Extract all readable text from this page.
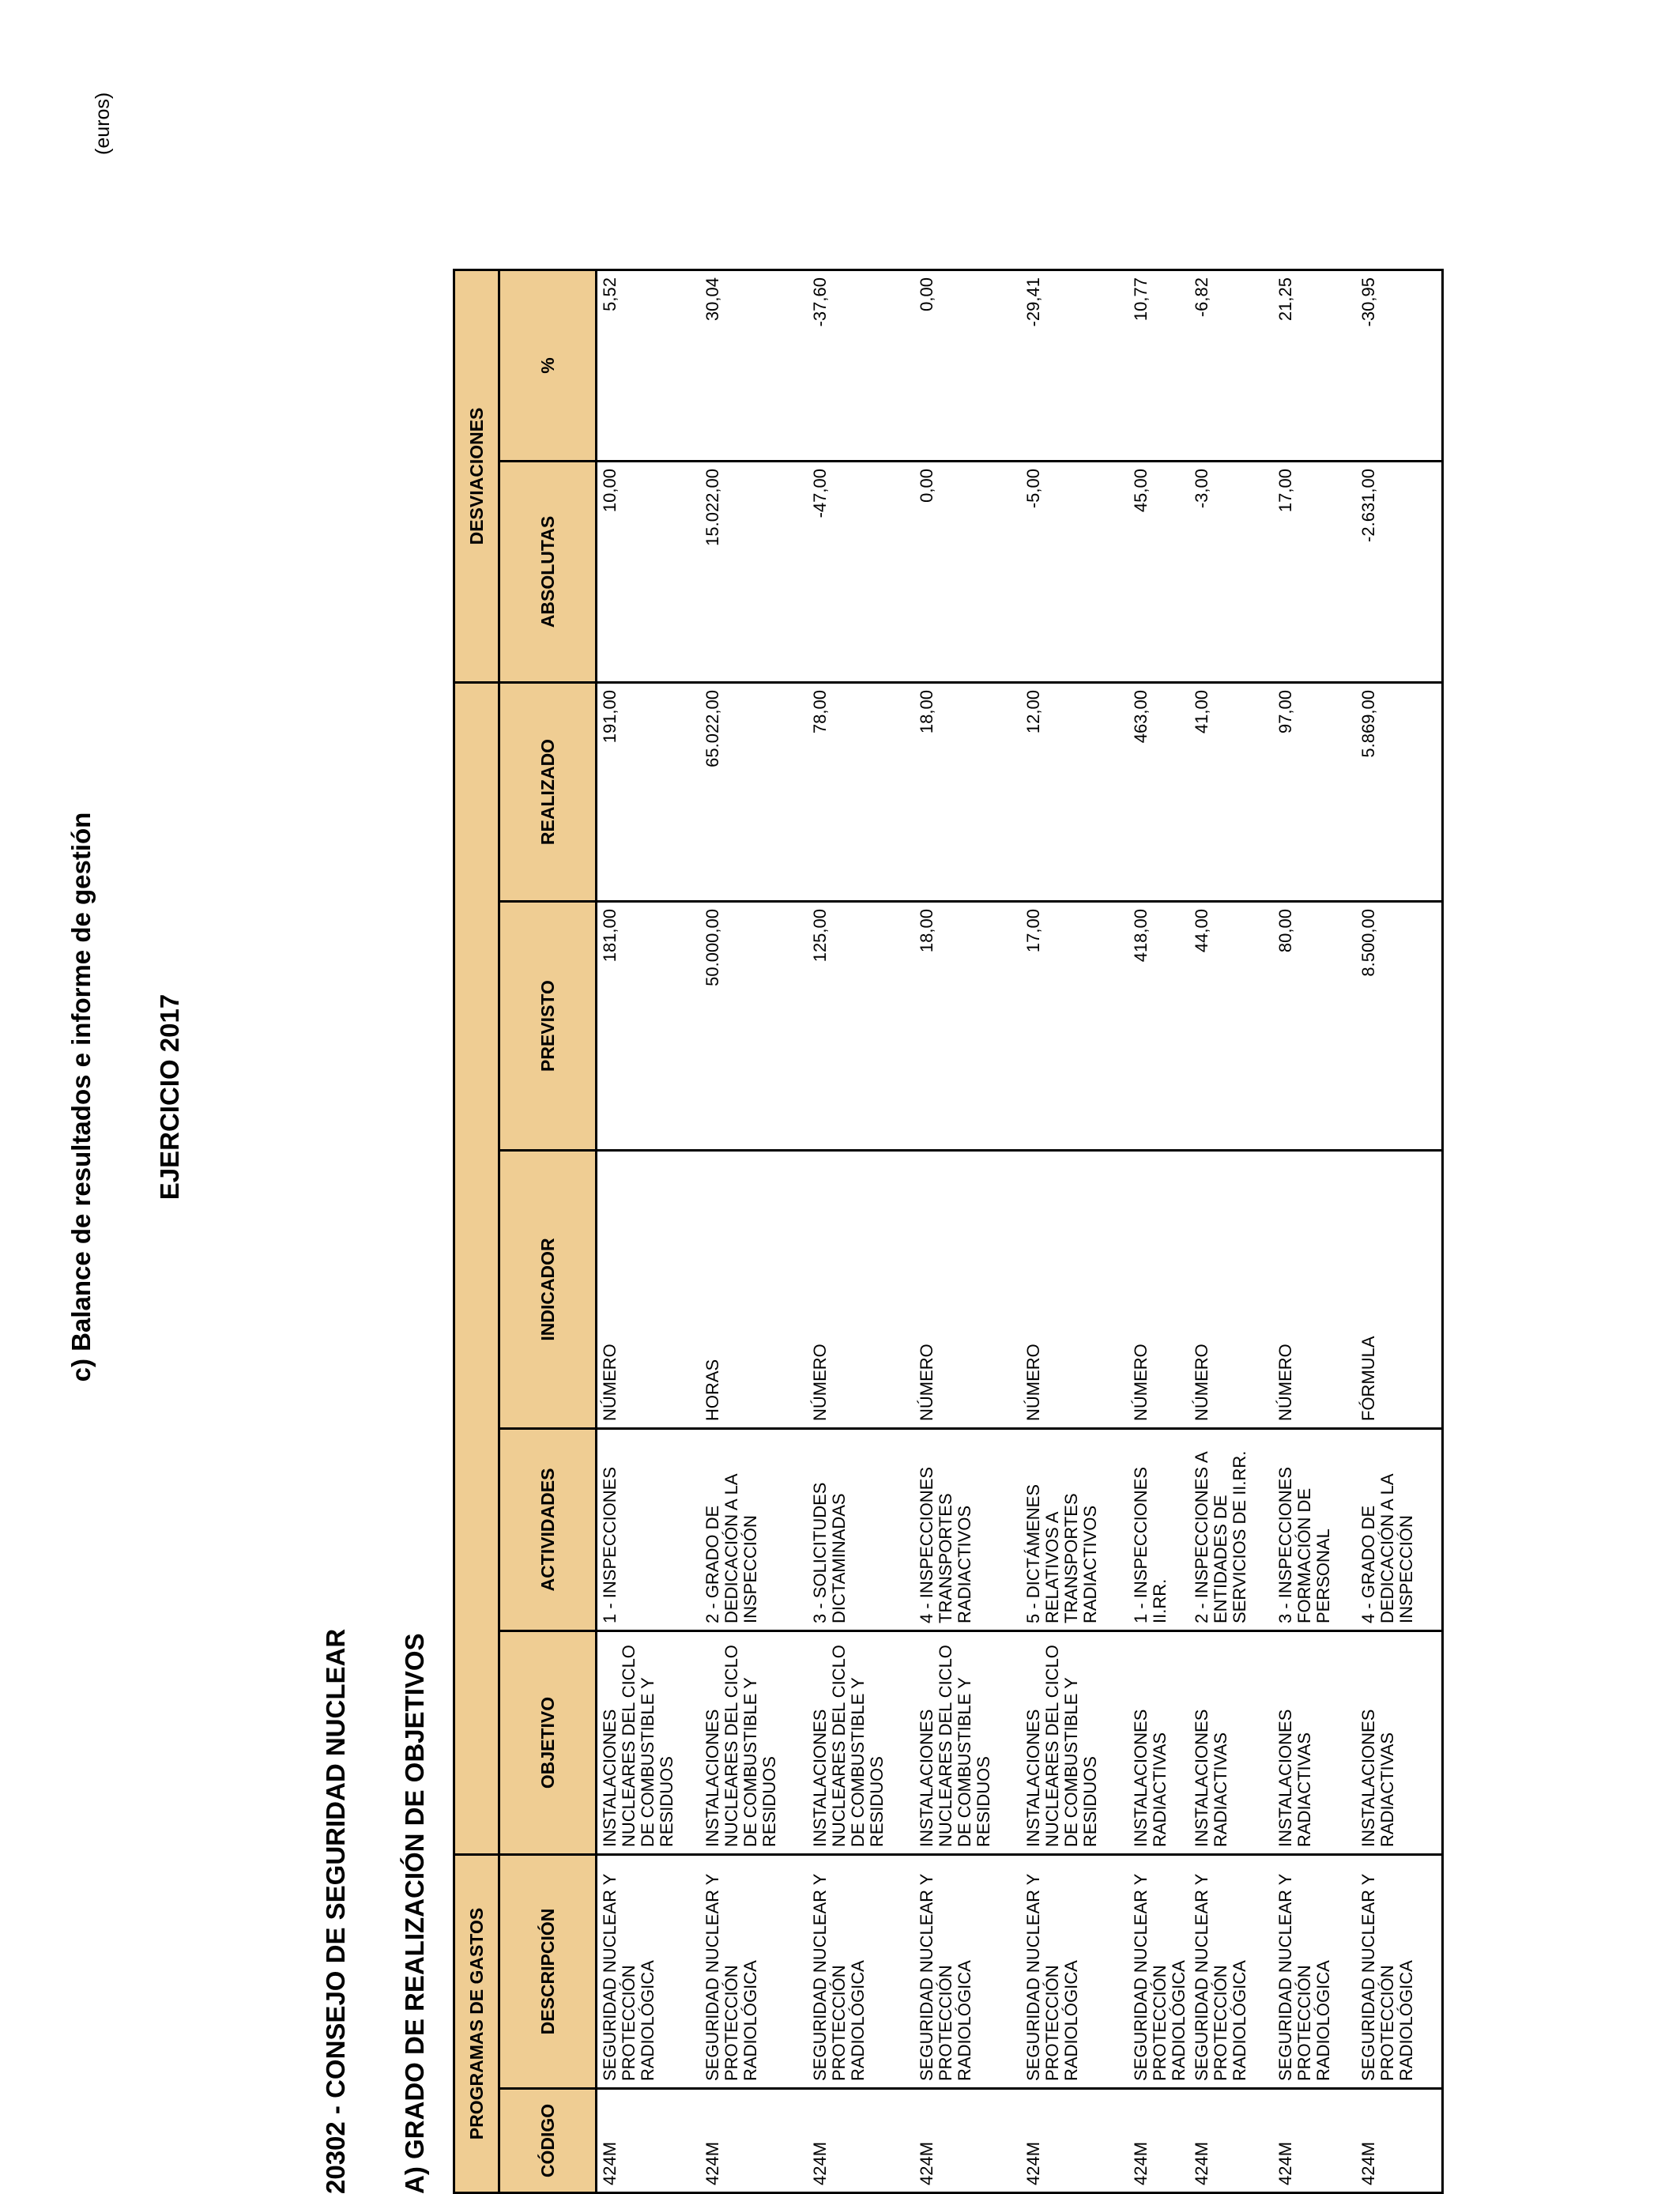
c) Balance de resultados e informe de gestión EJERCICIO 2017
(euros)
20302 - CONSEJO DE SEGURIDAD NUCLEAR A) GRADO DE REALIZACIÓN DE OBJETIVOS PROGRAMAS DE GASTOS							DESVIACIONES	
CÓDIGO	DESCRIPCIÓN	OBJETIVO	ACTIVIDADES	INDICADOR	PREVISTO	REALIZADO	ABSOLUTAS	%
424M	SEGURIDAD NUCLEAR Y PROTECCIÓN RADIOLÓGICA	INSTALACIONES NUCLEARES DEL CICLO DE COMBUSTIBLE Y RESIDUOS	1 - INSPECCIONES	NÚMERO	181,00	191,00	10,00	5,52
424M	SEGURIDAD NUCLEAR Y PROTECCIÓN RADIOLÓGICA	INSTALACIONES NUCLEARES DEL CICLO DE COMBUSTIBLE Y RESIDUOS	2 - GRADO DE DEDICACIÓN A LA INSPECCIÓN	HORAS	50.000,00	65.022,00	15.022,00	30,04
424M	SEGURIDAD NUCLEAR Y PROTECCIÓN RADIOLÓGICA	INSTALACIONES NUCLEARES DEL CICLO DE COMBUSTIBLE Y RESIDUOS	3 - SOLICITUDES DICTAMINADAS	NÚMERO	125,00	78,00	-47,00	-37,60
424M	SEGURIDAD NUCLEAR Y PROTECCIÓN RADIOLÓGICA	INSTALACIONES NUCLEARES DEL CICLO DE COMBUSTIBLE Y RESIDUOS	4 - INSPECCIONES TRANSPORTES RADIACTIVOS	NÚMERO	18,00	18,00	0,00	0,00
424M	SEGURIDAD NUCLEAR Y PROTECCIÓN RADIOLÓGICA	INSTALACIONES NUCLEARES DEL CICLO DE COMBUSTIBLE Y RESIDUOS	5 - DICTÁMENES RELATIVOS A TRANSPORTES RADIACTIVOS	NÚMERO	17,00	12,00	-5,00	-29,41
424M	SEGURIDAD NUCLEAR Y PROTECCIÓN RADIOLÓGICA	INSTALACIONES RADIACTIVAS	1 - INSPECCIONES II.RR.	NÚMERO	418,00	463,00	45,00	10,77
424M	SEGURIDAD NUCLEAR Y PROTECCIÓN RADIOLÓGICA	INSTALACIONES RADIACTIVAS	2 - INSPECCIONES A ENTIDADES DE SERVICIOS DE II.RR.	NÚMERO	44,00	41,00	-3,00	-6,82
424M	SEGURIDAD NUCLEAR Y PROTECCIÓN RADIOLÓGICA	INSTALACIONES RADIACTIVAS	3 - INSPECCIONES FORMACIÓN DE PERSONAL	NÚMERO	80,00	97,00	17,00	21,25
424M	SEGURIDAD NUCLEAR Y PROTECCIÓN RADIOLÓGICA	INSTALACIONES RADIACTIVAS	4 - GRADO DE DEDICACIÓN A LA INSPECCIÓN	FÓRMULA	8.500,00	5.869,00	-2.631,00	-30,95
